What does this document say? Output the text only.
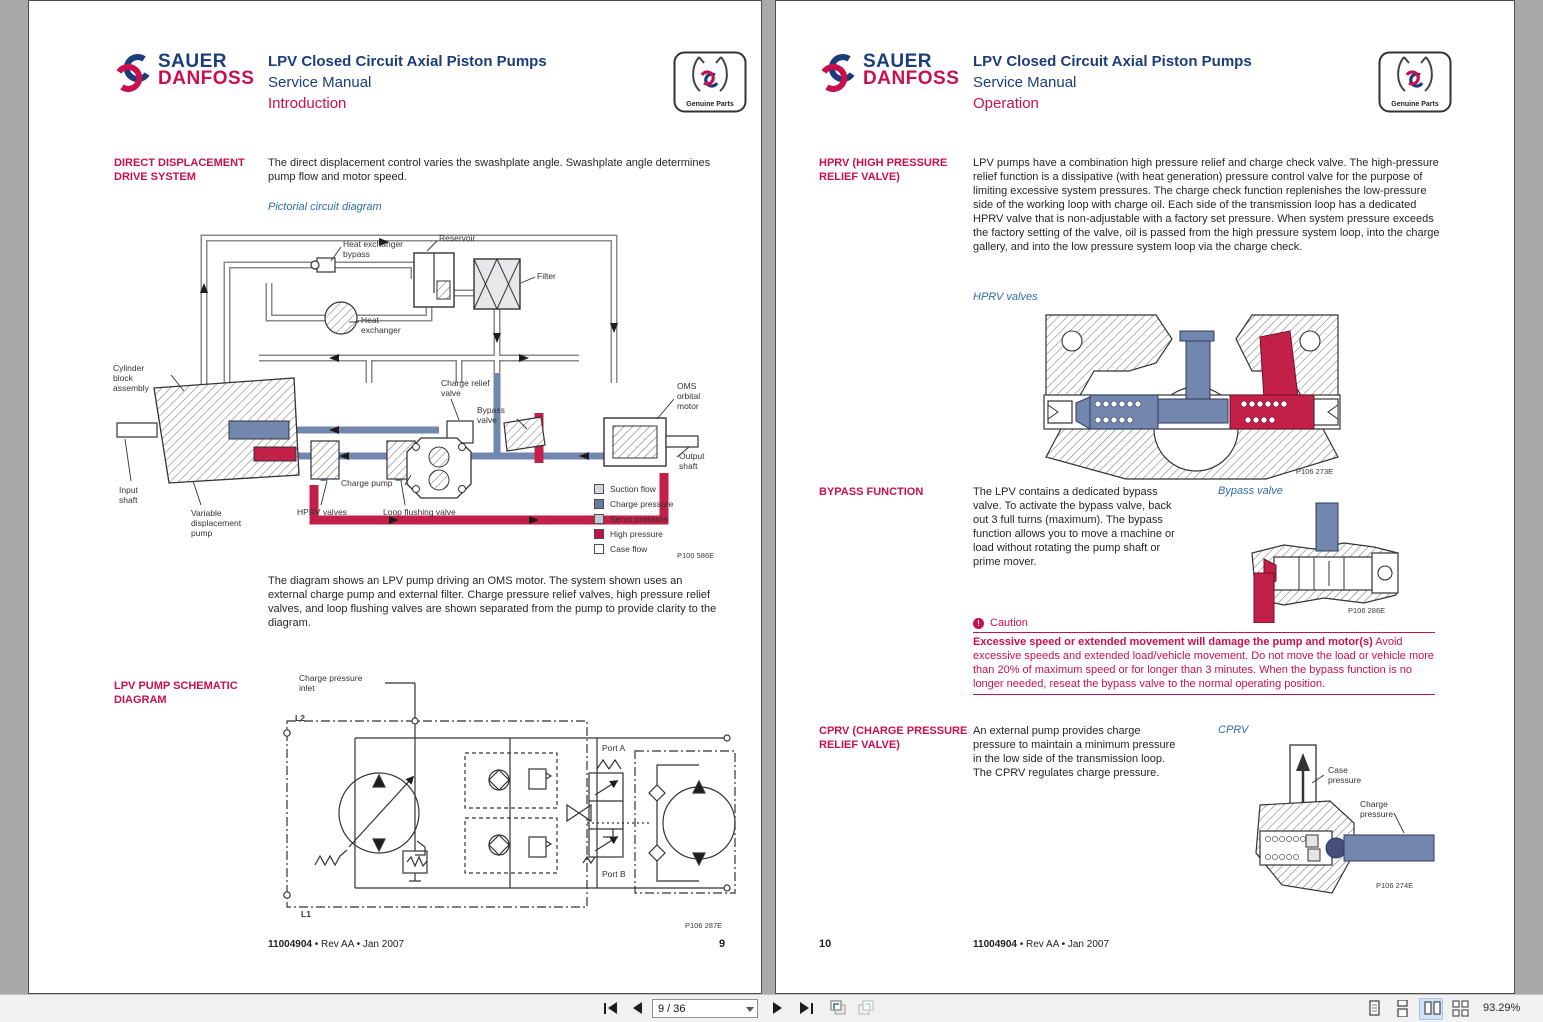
SAUER
DANFOSS
LPV Closed Circuit Axial Piston Pumps
Service Manual
Introduction	Genuine Parts
DIRECT DISPLACEMENT DRIVE SYSTEM
The direct displacement control varies the swashplate angle. Swashplate angle determines pump flow and motor speed.
Pictorial circuit diagram
Heat exchanger bypass
Reservoir
Filter
Heat exchanger
Cylinder block assembly	Charge relief valve
Bypass valve
OMS orbital motor
Output shaft
Input shaft
Variable displacement pump
HPRV valves	Loop flushing valve
Charge pump
Suction flow
Charge pressure
Servo pressure
High pressure
Case flow
P100 586E
The diagram shows an LPV pump driving an OMS motor. The system shown uses an external charge pump and external filter. Charge pressure relief valves, high pressure relief valves, and loop flushing valves are shown separated from the pump to provide clarity to the diagram.
LPV PUMP SCHEMATIC DIAGRAM
Charge pressure inlet
L2
L1
Port A
Port B
P106 287E
11004904 • Rev AA • Jan 2007	9
SAUER
DANFOSS
LPV Closed Circuit Axial Piston Pumps
Service Manual
Operation	Genuine Parts
HPRV (HIGH PRESSURE RELIEF VALVE)
LPV pumps have a combination high pressure relief and charge check valve. The high-pressure relief function is a dissipative (with heat generation) pressure control valve for the purpose of limiting excessive system pressures. The charge check function replenishes the low-pressure side of the working loop with charge oil. Each side of the transmission loop has a dedicated HPRV valve that is non-adjustable with a factory set pressure. When system pressure exceeds the factory setting of the valve, oil is passed from the high pressure system loop, into the charge gallery, and into the low pressure system loop via the charge check.
HPRV valves
P106 273E
BYPASS FUNCTION	The LPV contains a dedicated bypass valve. To activate the bypass valve, back out 3 full turns (maximum). The bypass function allows you to move a machine or load without rotating the pump shaft or prime mover.
Bypass valve
P106 286E
! Caution
Excessive speed or extended movement will damage the pump and motor(s) Avoid excessive speeds and extended load/vehicle movement. Do not move the load or vehicle more than 20% of maximum speed or for longer than 3 minutes. When the bypass function is no longer needed, reseat the bypass valve to the normal operating position.
CPRV (CHARGE PRESSURE RELIEF VALVE)
An external pump provides charge pressure to maintain a minimum pressure in the low side of the transmission loop. The CPRV regulates charge pressure.
CPRV
Case pressure
Charge pressure
P106 274E
10	11004904 • Rev AA • Jan 2007
9 / 36
93.29%
